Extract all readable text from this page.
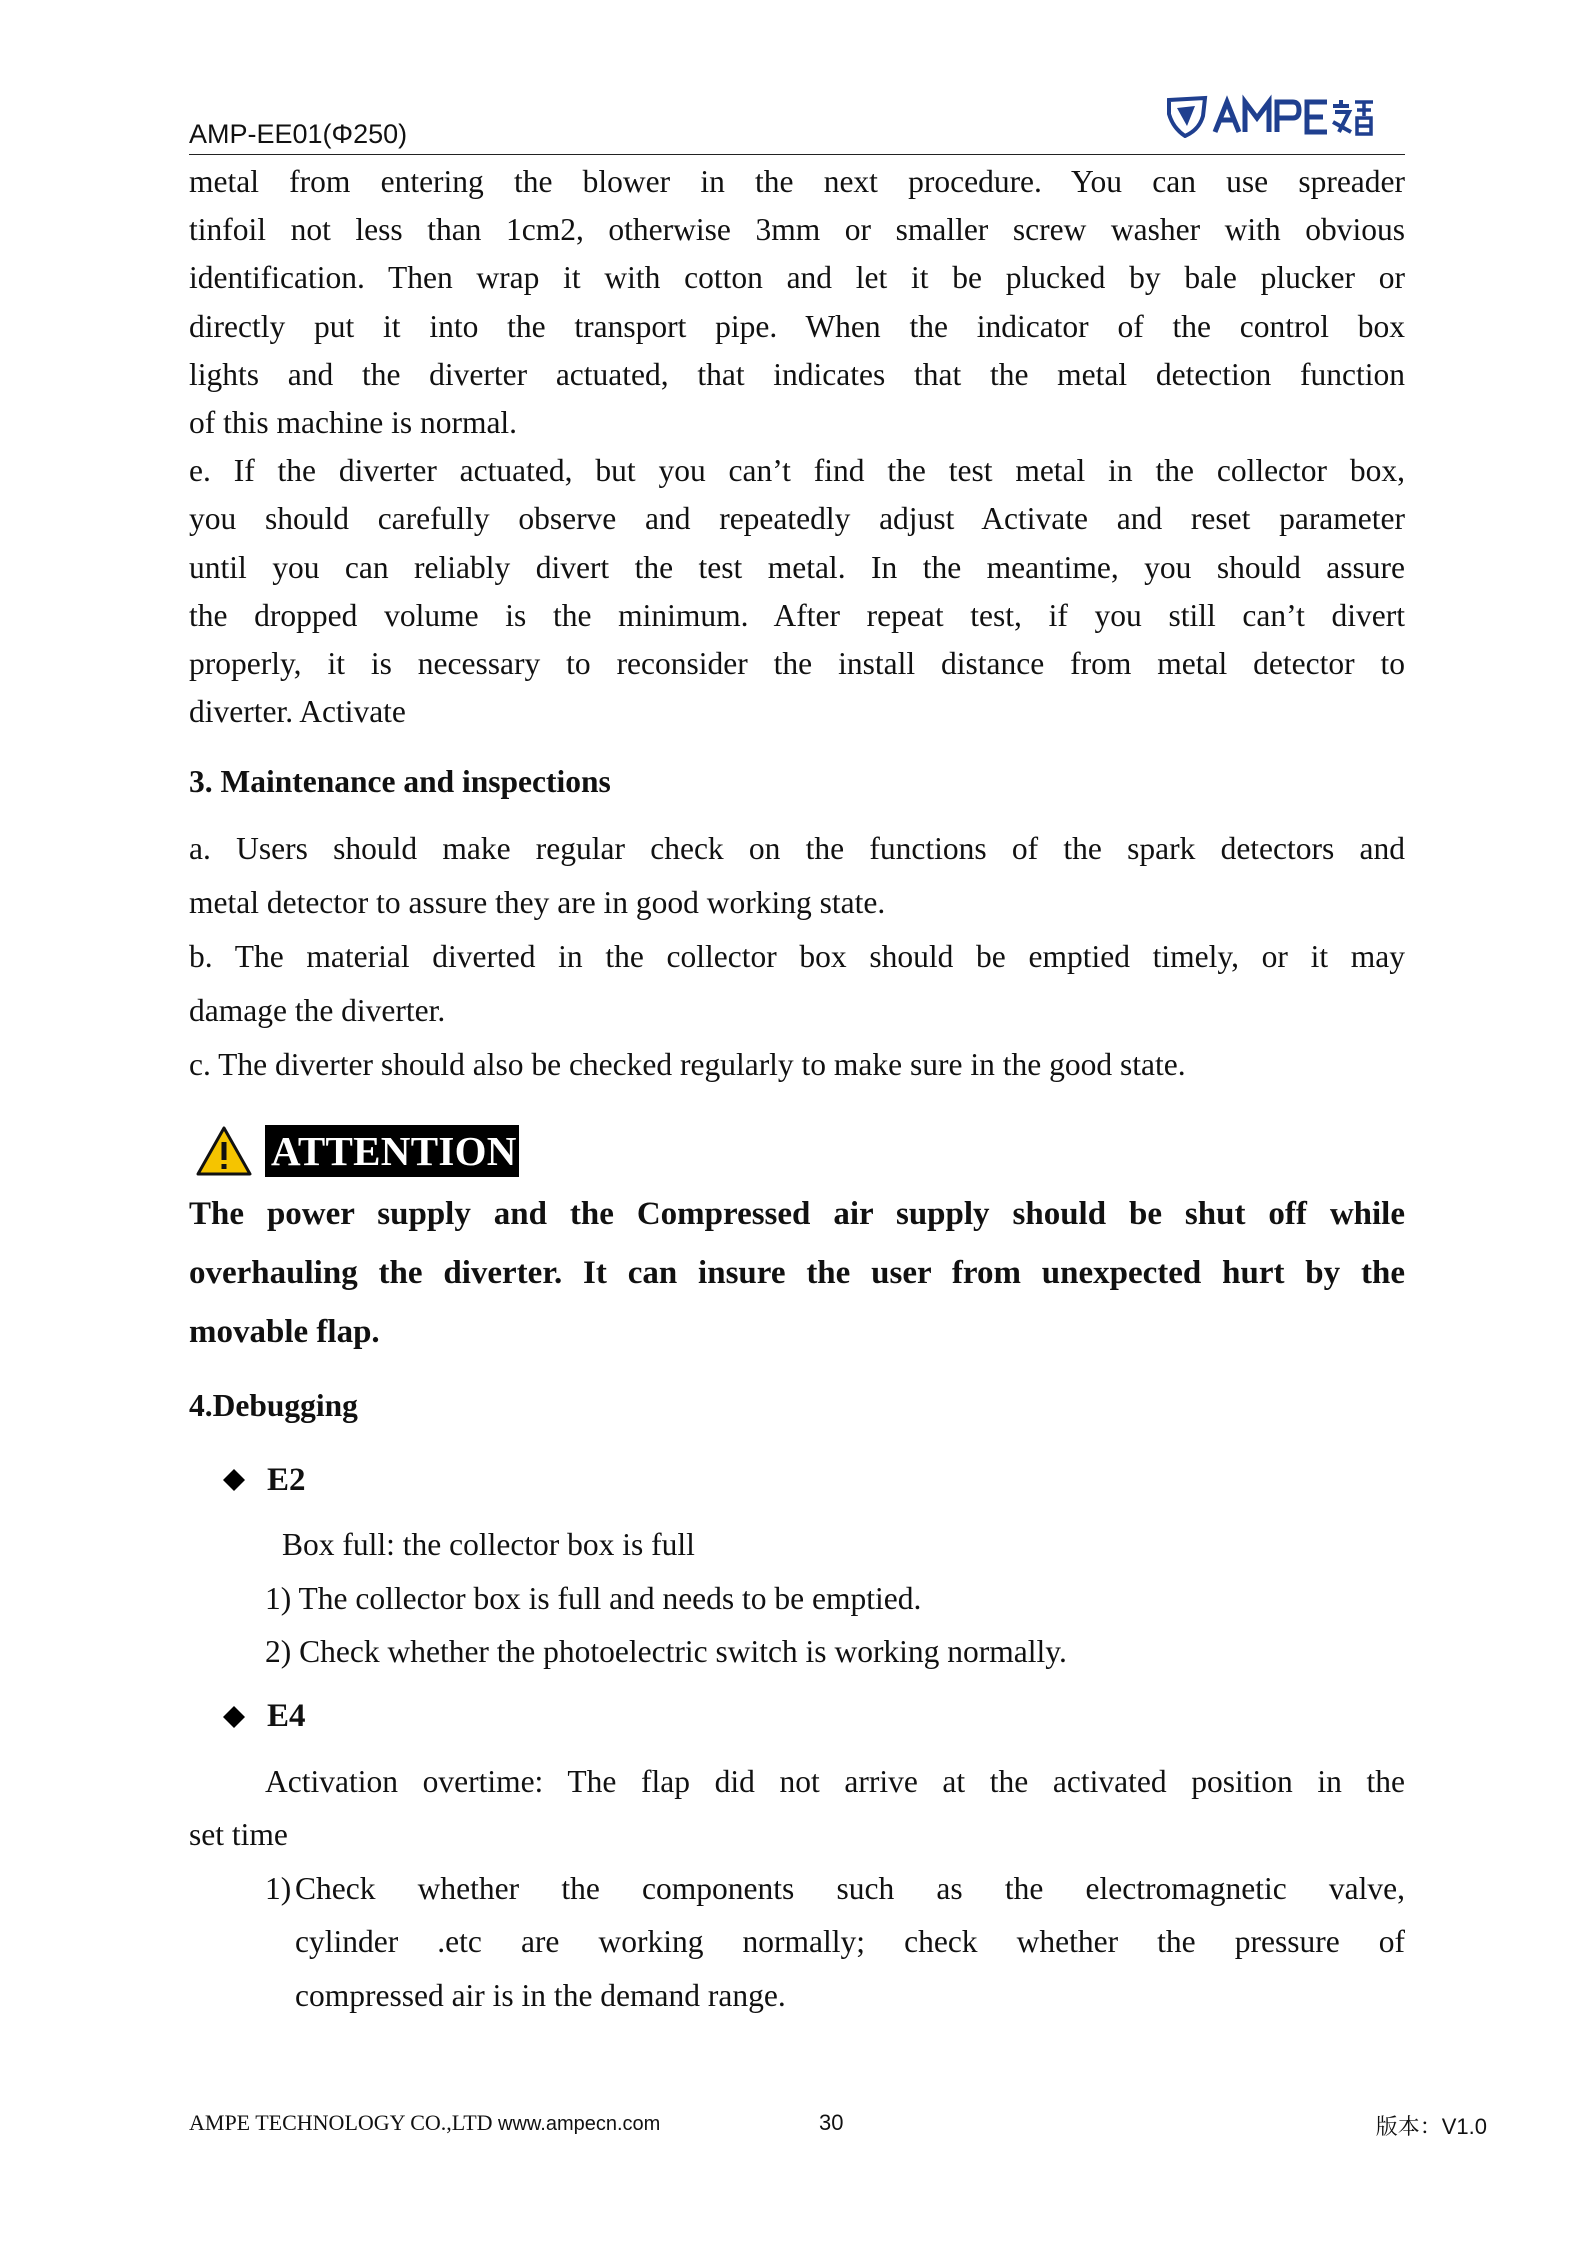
AMP-EE01(Φ250)

metal from entering the blower in the next procedure. You can use spreader

tinfoil not less than 1cm2, otherwise 3mm or smaller screw washer with obvious

identification. Then wrap it with cotton and let it be plucked by bale plucker or

directly put it into the transport pipe. When the indicator of the control box

lights and the diverter actuated, that indicates that the metal detection function

of this machine is normal.

e. If the diverter actuated, but you can’t find the test metal in the collector box,

you should carefully observe and repeatedly adjust Activate and reset parameter

until you can reliably divert the test metal. In the meantime, you should assure

the dropped volume is the minimum. After repeat test, if you still can’t divert

properly, it is necessary to reconsider the install distance from metal detector to

diverter. Activate

3. Maintenance and inspections

a. Users should make regular check on the functions of the spark detectors and

metal detector to assure they are in good working state.

b. The material diverted in the collector box should be emptied timely, or it may

damage the diverter.

c. The diverter should also be checked regularly to make sure in the good state.

ATTENTION

The power supply and the Compressed air supply should be shut off while

overhauling the diverter. It can insure the user from unexpected hurt by the

movable flap.

4.Debugging
E2

Box full: the collector box is full

1) The collector box is full and needs to be emptied.

2) Check whether the photoelectric switch is working normally.

E4

Activation overtime: The flap did not arrive at the activated position in the

set time

1) Check  whether  the  components  such  as  the  electromagnetic  valve,

cylinder  .etc  are  working  normally;  check  whether  the  pressure  of

compressed air is in the demand range.

AMPE TECHNOLOGY CO.,LTD www.ampecn.com	30	版本：V1.0
